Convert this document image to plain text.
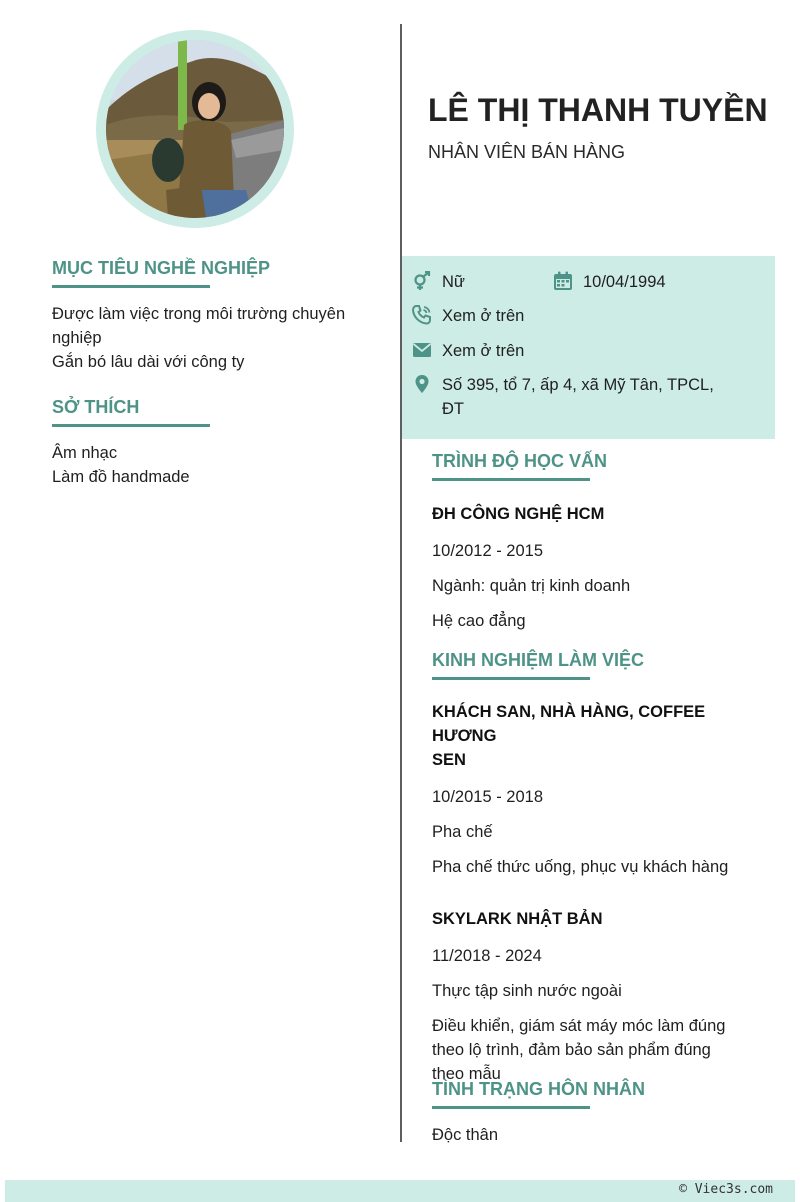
MỤC TIÊU NGHỀ NGHIỆP
Được làm việc trong môi trường chuyên
nghiệp
Gắn bó lâu dài với công ty
SỞ THÍCH
Âm nhạc
Làm đồ handmade
LÊ THỊ THANH TUYỀN
NHÂN VIÊN BÁN HÀNG
Nữ	10/04/1994
Xem ở trên
Xem ở trên
Số 395, tổ 7, ấp 4, xã Mỹ Tân, TPCL,
ĐT
TRÌNH ĐỘ HỌC VẤN
ĐH CÔNG NGHỆ HCM
10/2012 - 2015
Ngành: quản trị kinh doanh
Hệ cao đẳng
KINH NGHIỆM LÀM VIỆC
KHÁCH SAN, NHÀ HÀNG, COFFEE HƯƠNG
SEN
10/2015 - 2018
Pha chế
Pha chế thức uống, phục vụ khách hàng
SKYLARK NHẬT BẢN
11/2018 - 2024
Thực tập sinh nước ngoài
Điều khiển, giám sát máy móc làm đúng
theo lộ trình, đảm bảo sản phẩm đúng
theo mẫu
TÌNH TRẠNG HÔN NHÂN
Độc thân
© Viec3s.com
